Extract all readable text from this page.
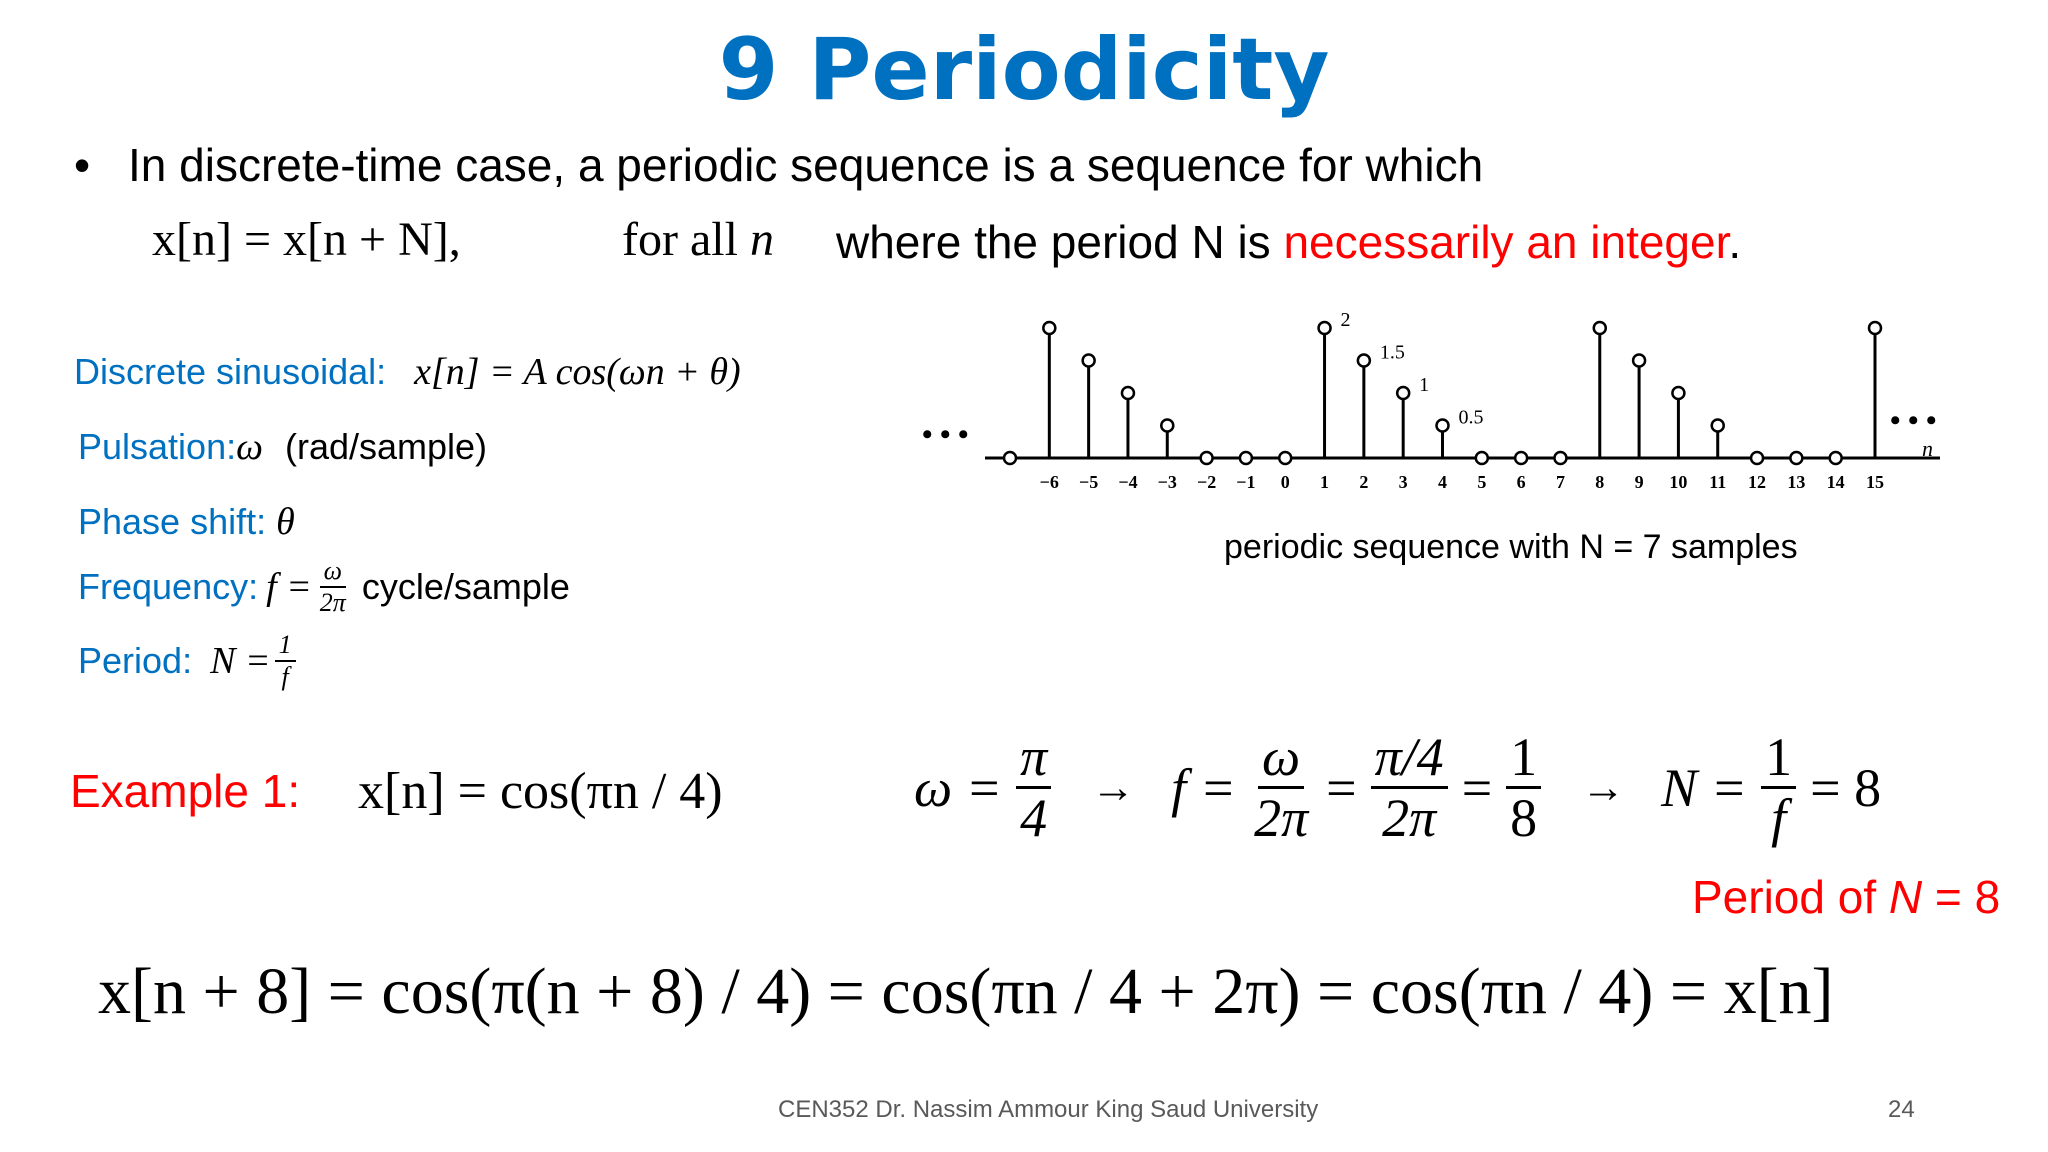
9 Periodicity
• In discrete-time case, a periodic sequence is a sequence for which
x[n] = x[n + N],	for all n where the period N is necessarily an integer.
Discrete sinusoidal: x[n] = A cos(ωn + θ)
Pulsation:ω (rad/sample)
Phase shift: θ
Frequency: $f = \frac{\omega}{2\pi}$ cycle/sample
Period: $N = \frac{1}{f}$
• • •	• • •
n
−6 −5 −4 −3 −2 −1 0 1 2 3 4 5 6 7 8 9 10 11 12 13 14 15
2
1.5
1
0.5
periodic sequence with N = 7 samples
Example 1: x[n] = cos(πn / 4)	$\omega = \frac{\pi}{4} \to f = \frac{\omega}{2\pi} = \frac{\pi/4}{2\pi} = \frac{1}{8} \to N = \frac{1}{f} = 8$
Period of N = 8
x[n + 8] = cos(π(n + 8) / 4) = cos(πn / 4 + 2π) = cos(πn / 4) = x[n]
CEN352 Dr. Nassim Ammour King Saud University	24
